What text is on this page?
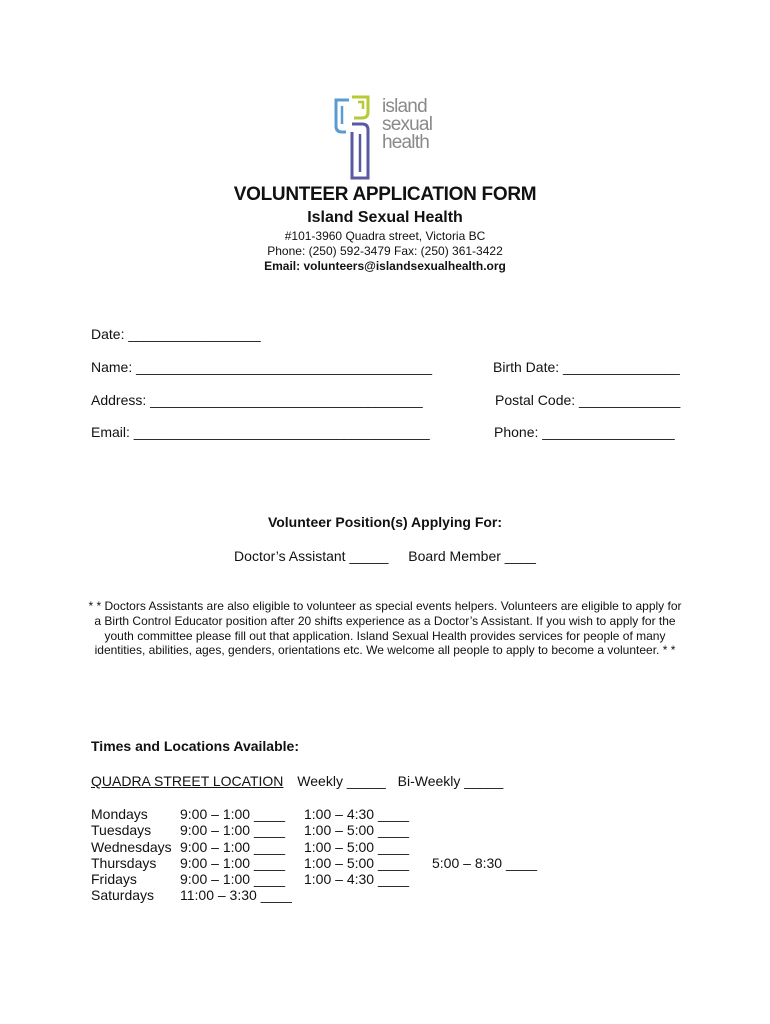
island
sexual
health
VOLUNTEER APPLICATION FORM
Island Sexual Health
#101-3960 Quadra street, Victoria BC
Phone: (250) 592-3479 Fax: (250) 361-3422
Email: volunteers@islandsexualhealth.org
Date: _________________
Name: ______________________________________	Birth Date: _______________
Address: ___________________________________	Postal Code: _____________
Email: ______________________________________	Phone: _________________
Volunteer Position(s) Applying For:
Doctor’s Assistant _____ Board Member ____
* * Doctors Assistants are also eligible to volunteer as special events helpers. Volunteers are eligible to apply for a Birth Control Educator position after 20 shifts experience as a Doctor’s Assistant. If you wish to apply for the youth committee please fill out that application. Island Sexual Health provides services for people of many identities, abilities, ages, genders, orientations etc. We welcome all people to apply to become a volunteer. * *
Times and Locations Available:
QUADRA STREET LOCATION Weekly _____ Bi-Weekly _____
Mondays 9:00 – 1:00 ____ 1:00 – 4:30 ____
Tuesdays 9:00 – 1:00 ____ 1:00 – 5:00 ____
Wednesdays 9:00 – 1:00 ____ 1:00 – 5:00 ____
Thursdays 9:00 – 1:00 ____ 1:00 – 5:00 ____ 5:00 – 8:30 ____
Fridays	9:00 – 1:00 ____ 1:00 – 4:30 ____
Saturdays 11:00 – 3:30 ____
